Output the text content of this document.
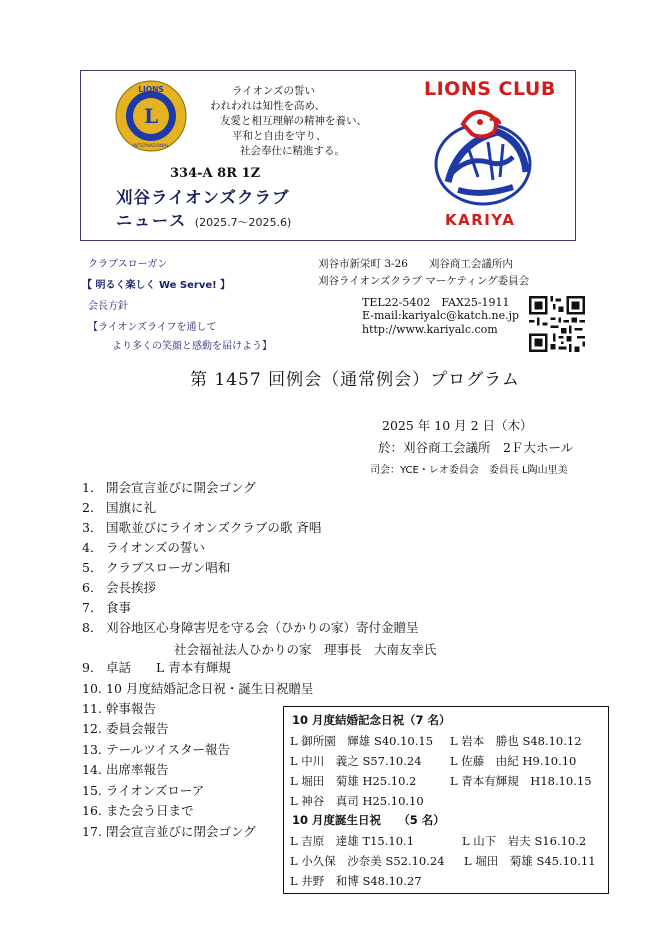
L
LIONS
INTERNATIONAL
ライオンズの誓い
われわれは知性を高め、
友愛と相互理解の精神を養い、
平和と自由を守り、
社会奉仕に精進する。
334-A 8R 1Z
刈谷ライオンズクラブ
ニュース (2025.7〜2025.6)
LIONS CLUB
KARIYA
クラブスローガン
【 明るく楽しく We Serve! 】
会長方針
【ライオンズライフを通して
より多くの笑顔と感動を届けよう】
刈谷市新栄町 3-26　　刈谷商工会議所内
刈谷ライオンズクラブ マーケティング委員会
TEL22-5402　FAX25-1911
E-mail:kariyalc@katch.ne.jp
http://www.kariyalc.com
第 1457 回例会（通常例会）プログラム
2025 年 10 月 2 日（木）
於：刈谷商工会議所　2Ｆ大ホール
司会：YCE・レオ委員会　委員長 L陶山里美
1． 開会宣言並びに開会ゴング
2． 国旗に礼
3． 国歌並びにライオンズクラブの歌 斉唱
4． ライオンズの誓い
5． クラブスローガン唱和
6． 会長挨拶
7． 食事
8． 刈谷地区心身障害児を守る会（ひかりの家）寄付金贈呈
社会福祉法人ひかりの家　理事長　大南友幸氏
9． 卓話　　L 青本有輝規
10. 10 月度結婚記念日祝・誕生日祝贈呈
11. 幹事報告
12. 委員会報告
13. テールツイスター報告
14. 出席率報告
15. ライオンズローア
16. また会う日まで
17. 閉会宣言並びに閉会ゴング
10 月度結婚記念日祝（7 名）
L 御所園　輝雄 S40.10.15 L 岩本　勝也 S48.10.12
L 中川　義之 S57.10.24 L 佐藤　由紀 H9.10.10
L 堀田　菊雄 H25.10.2	L 青本有輝規　H18.10.15
L 神谷　真司 H25.10.10
10 月度誕生日祝　　（5 名）
L 吉原　達雄 T15.10.1	L 山下　岩夫 S16.10.2
L 小久保　沙奈美 S52.10.24 L 堀田　菊雄 S45.10.11
L 井野　和博 S48.10.27
